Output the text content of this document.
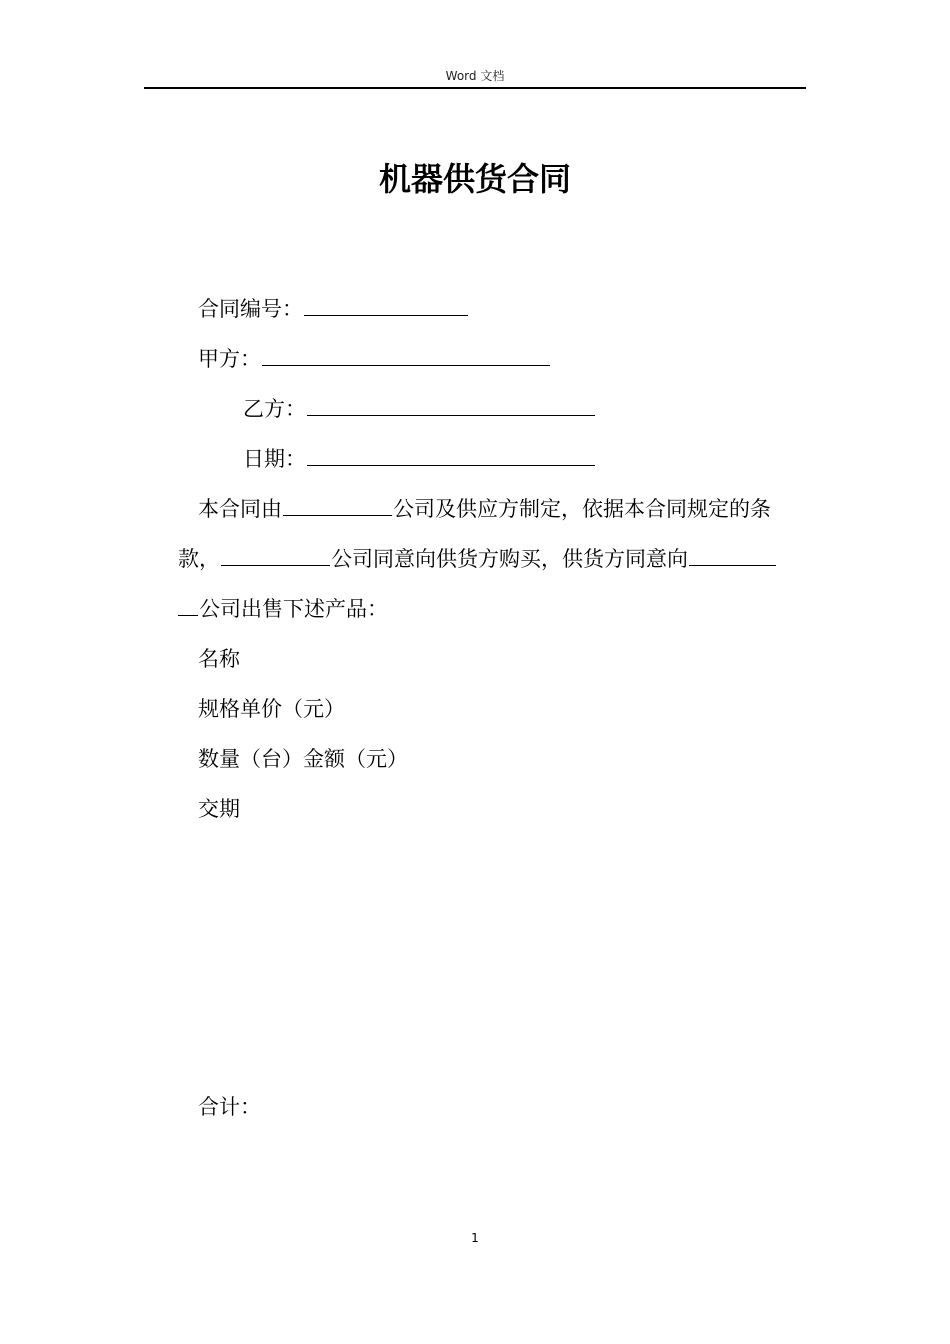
Word 文档
机器供货合同
合同编号：
甲方：
乙方：
日期：
本合同由	公司及供应方制定，依据本合同规定的条
款，	公司同意向供货方购买，供货方同意向
公司出售下述产品：
名称
规格单价（元）
数量（台）金额（元）
交期
合计：
1
